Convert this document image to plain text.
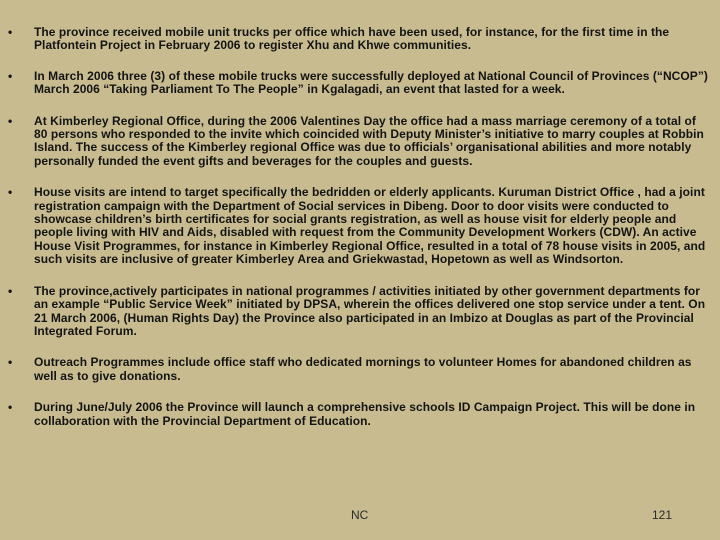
• The province received mobile unit trucks per office which have been used, for instance, for the first time in the Platfontein Project in February 2006 to register Xhu and Khwe communities.
• In March 2006 three (3) of these mobile trucks were successfully deployed at National Council of Provinces (“NCOP”) March 2006 “Taking Parliament To The People” in Kgalagadi, an event that lasted for a week.
• At Kimberley Regional Office, during the 2006 Valentines Day the office had a mass marriage ceremony of a total of 80 persons who responded to the invite which coincided with Deputy Minister’s initiative to marry couples at Robbin Island. The success of the Kimberley regional Office was due to officials’ organisational abilities and more notably personally funded the event gifts and beverages for the couples and guests.
• House visits are intend to target specifically the bedridden or elderly applicants. Kuruman District Office , had a joint registration campaign with the Department of Social services in Dibeng. Door to door visits were conducted to showcase children’s birth certificates for social grants registration, as well as house visit for elderly people and people living with HIV and Aids, disabled with request from the Community Development Workers (CDW). An active House Visit Programmes, for instance in Kimberley Regional Office, resulted in a total of 78 house visits in 2005, and such visits are inclusive of greater Kimberley Area and Griekwastad, Hopetown as well as Windsorton.
• The province,actively participates in national programmes / activities initiated by other government departments for an example “Public Service Week” initiated by DPSA, wherein the offices delivered one stop service under a tent. On 21 March 2006, (Human Rights Day) the Province also participated in an Imbizo at Douglas as part of the Provincial Integrated Forum.
• Outreach Programmes include office staff who dedicated mornings to volunteer Homes for abandoned children as well as to give donations.
• During June/July 2006 the Province will launch a comprehensive schools ID Campaign Project. This will be done in collaboration with the Provincial Department of Education.
NC	121
